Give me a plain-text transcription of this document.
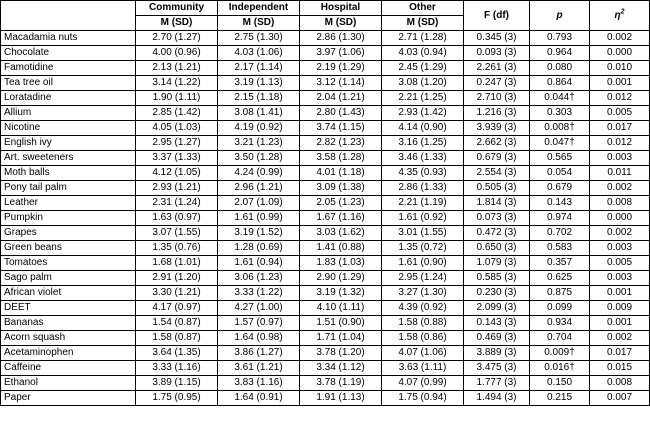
	Community	Independent	Hospital	Other	F (df)	p	$\eta^2$
	M (SD)	M (SD)	M (SD)	M (SD)			
Macadamia nuts	2.70 (1.27)	2.75 (1.30)	2.86 (1.30)	2.71 (1.28)	0.345 (3)	0.793	0.002
Chocolate	4.00 (0.96)	4.03 (1.06)	3.97 (1.06)	4.03 (0.94)	0.093 (3)	0.964	0.000
Famotidine	2.13 (1.21)	2.17 (1.14)	2.19 (1.29)	2.45 (1.29)	2.261 (3)	0.080	0.010
Tea tree oil	3.14 (1.22)	3.19 (1.13)	3.12 (1.14)	3.08 (1.20)	0.247 (3)	0.864	0.001
Loratadine	1.90 (1.11)	2.15 (1.18)	2.04 (1.21)	2.21 (1.25)	2.710 (3)	0.044†	0.012
Allium	2.85 (1.42)	3.08 (1.41)	2.80 (1.43)	2.93 (1.42)	1.216 (3)	0.303	0.005
Nicotine	4.05 (1.03)	4.19 (0.92)	3.74 (1.15)	4.14 (0.90)	3.939 (3)	0.008†	0.017
English ivy	2.95 (1.27)	3.21 (1.23)	2.82 (1.23)	3.16 (1.25)	2.662 (3)	0.047†	0.012
Art. sweeteners	3.37 (1.33)	3.50 (1.28)	3.58 (1.28)	3.46 (1.33)	0.679 (3)	0.565	0.003
Moth balls	4.12 (1.05)	4.24 (0.99)	4.01 (1.18)	4.35 (0.93)	2.554 (3)	0.054	0.011
Pony tail palm	2.93 (1.21)	2.96 (1.21)	3.09 (1.38)	2.86 (1.33)	0.505 (3)	0.679	0.002
Leather	2.31 (1.24)	2.07 (1.09)	2.05 (1.23)	2.21 (1.19)	1.814 (3)	0.143	0.008
Pumpkin	1.63 (0.97)	1.61 (0.99)	1.67 (1.16)	1.61 (0.92)	0.073 (3)	0.974	0.000
Grapes	3.07 (1.55)	3.19 (1.52)	3.03 (1.62)	3.01 (1.55)	0.472 (3)	0.702	0.002
Green beans	1.35 (0.76)	1.28 (0.69)	1.41 (0.88)	1.35 (0.72)	0.650 (3)	0.583	0.003
Tomatoes	1.68 (1.01)	1.61 (0.94)	1.83 (1.03)	1.61 (0.90)	1.079 (3)	0.357	0.005
Sago palm	2.91 (1.20)	3.06 (1.23)	2.90 (1.29)	2.95 (1.24)	0.585 (3)	0.625	0.003
African violet	3.30 (1.21)	3.33 (1.22)	3.19 (1.32)	3.27 (1.30)	0.230 (3)	0.875	0.001
DEET	4.17 (0.97)	4.27 (1.00)	4.10 (1.11)	4.39 (0.92)	2.099 (3)	0.099	0.009
Bananas	1.54 (0.87)	1.57 (0.97)	1.51 (0.90)	1.58 (0.88)	0.143 (3)	0.934	0.001
Acorn squash	1.58 (0.87)	1.64 (0.98)	1.71 (1.04)	1.58 (0.86)	0.469 (3)	0.704	0.002
Acetaminophen	3.64 (1.35)	3.86 (1.27)	3.78 (1.20)	4.07 (1.06)	3.889 (3)	0.009†	0.017
Caffeine	3.33 (1.16)	3.61 (1.21)	3.34 (1.12)	3.63 (1.11)	3.475 (3)	0.016†	0.015
Ethanol	3.89 (1.15)	3.83 (1.16)	3.78 (1.19)	4.07 (0.99)	1.777 (3)	0.150	0.008
Paper	1.75 (0.95)	1.64 (0.91)	1.91 (1.13)	1.75 (0.94)	1.494 (3)	0.215	0.007
